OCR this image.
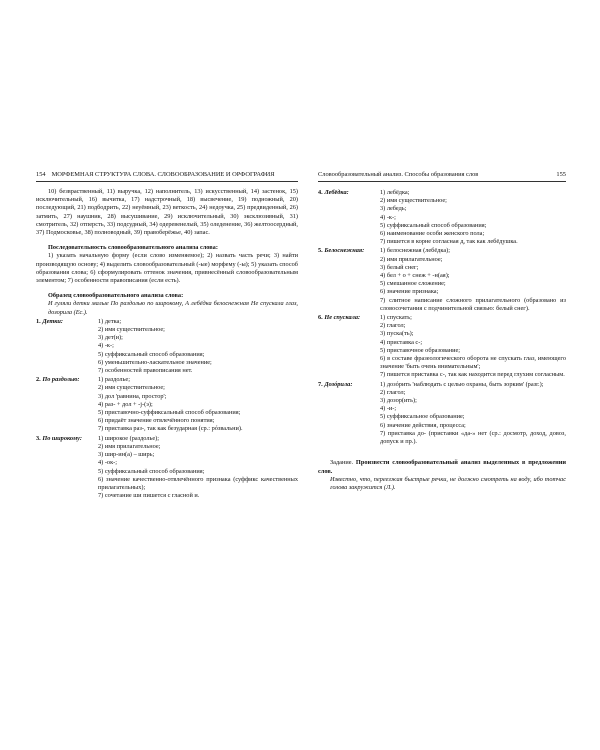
154 МОРФЕМНАЯ СТРУКТУРА СЛОВА. СЛОВООБРАЗОВАНИЕ И ОРФОГРАФИЯ	Словообразовательный анализ. Способы образования слов	155

10) безвраственный, 11) выручка, 12) наполнитель, 13) искусственный, 14) застенок, 15) исключительный, 16) вычитка, 17) надстрочный, 18) высвечение, 19) подножный, 20) последующий, 21) подбодрить, 22) неуёмный, 23) веткость, 24) недоучка, 25) предвиденный, 26) затмить, 27) наушник, 28) высушивание, 29) исключительный, 30) эксклюзивный, 31) смотритель, 32) отперсть, 33) подсудный, 34) одеревенелый, 35) оледенение, 36) желтоосердный, 37) Подмосковье, 38) полноводный, 39) правоберёжье, 40) запас.

Последовательность словообразовательного анализа слова:

1) указать начальную форму (если слово изменяемое); 2) назвать часть речи; 3) найти производящую основу; 4) выделить словообразовательный (-ые) морфему (-ы); 5) указать способ образования слова; 6) сформулировать оттенок значения, привнесённый словообразовательным элементом; 7) особенности правописания (если есть).

Образец словообразовательного анализа слова:

И гуляли детки малые По раздолью по широкому, А лебёдка белоснежная Не спускала глаз, дозорила (Ес.).

1. Детки:	1) детка;

2) имя существительное;

3) дет(и);

4) -к-;

5) суффиксальный способ образования;

6) уменьшительно-ласкательное значение;

7) особенностей правописания нет.

2. По раздолью:	1) раздолье;

2) имя существительное;

3) дол 'равнина, простор';

4) раз- + дол + -ј-(э);

5) приставочно-суффиксальный способ образования;

6) придаёт значение отвлечённого понятия;

7) приставка раз-, так как безударная (ср.: рóзвальни).

3. По широкому:	1) широкое (раздолье);

2) имя прилагательное;

3) шир-ин(а) – ширь;

4) -ок-;

5) суффиксальный способ образования;

6) значение качественно-отвлечённого признака (суффикс качественных прилагательных);

7) сочетание ши пишется с гласной и.

4. Лебёдка:	1) лебёдка;

2) имя существительное;

3) лебедь;

4) -к-;

5) суффиксальный способ образования;

6) наименование особи женского пола;

7) пишется в корне согласная д, так как лебёдушка.

5. Белоснежная:	1) белоснежная (лебёдка);

2) имя прилагательное;

3) белый снег;

4) бел + о + снеж + -н(ая);

5) смешанное сложение;

6) значение признака;

7) слитное написание сложного прилагательного (образовано из словосочетания с подчинительной связью: белый снег).

6. Не спускала:	1) спускать;

2) глагол;

3) пуска(ть);

4) приставка с-;

5) приставочное образование;

6) в составе фразеологического оборота не спускать глаз, имеющего значение 'быть очень внимательным';

7) пишется приставка с-, так как находится перед глухим согласным.

7. Дозóрила:	1) дозóрить 'наблюдать с целью охраны, быть зорким' (разг.);

2) глагол;

3) дозор(ить);

4) -и-;

5) суффиксальное образование;

6) значение действия, процесса;

7) приставка до- (приставки «да-» нет (ср.: досмотр, доход, довоз, допуск и пр.).

Задание. Произвести словообразовательный анализ выделенных в предложении слов.

Известно, что, переезжая быстрые речки, не должно смотреть на воду, ибо тотчас голова закружится (Л.).
